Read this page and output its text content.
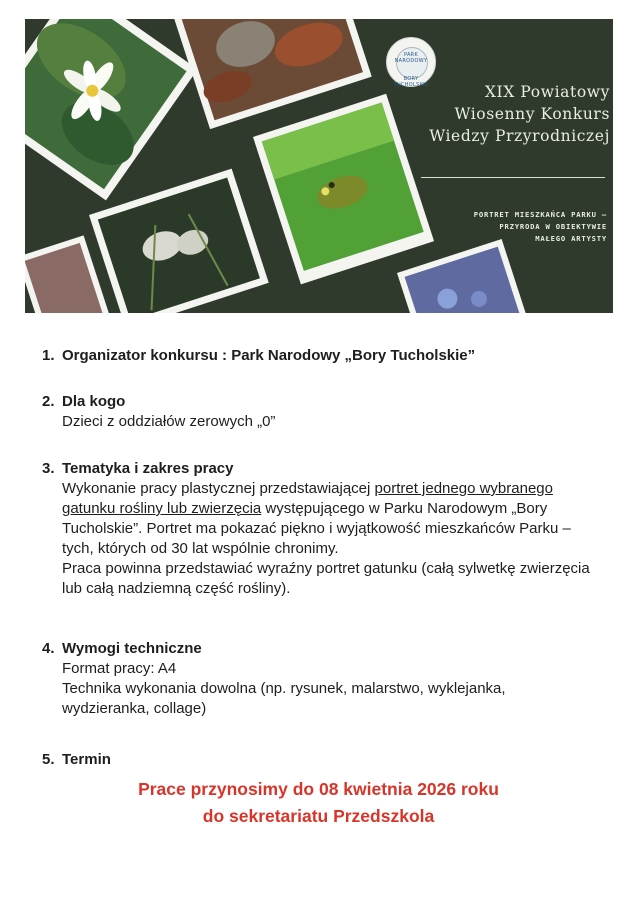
PARK NARODOWY
BORY TUCHOLSKIE	XIX Powiatowy
Wiosenny Konkurs
Wiedzy Przyrodniczej
PORTRET MIESZKAŃCA PARKU –
PRZYRODA W OBIEKTYWIE
MAŁEGO ARTYSTY
1. Organizator konkursu : Park Narodowy „Bory Tucholskie”
2. Dla kogo
Dzieci z oddziałów zerowych „0”
3. Tematyka i zakres pracy
Wykonanie pracy plastycznej przedstawiającej portret jednego wybranego gatunku rośliny lub zwierzęcia występującego w Parku Narodowym „Bory Tucholskie”. Portret ma pokazać piękno i wyjątkowość mieszkańców Parku – tych, których od 30 lat wspólnie chronimy.
Praca powinna przedstawiać wyraźny portret gatunku (całą sylwetkę zwierzęcia lub całą nadziemną część rośliny).
4. Wymogi techniczne
Format pracy: A4
Technika wykonania dowolna (np. rysunek, malarstwo, wyklejanka, wydzieranka, collage)
5. Termin
Prace przynosimy do 08 kwietnia 2026 roku
do sekretariatu Przedszkola
